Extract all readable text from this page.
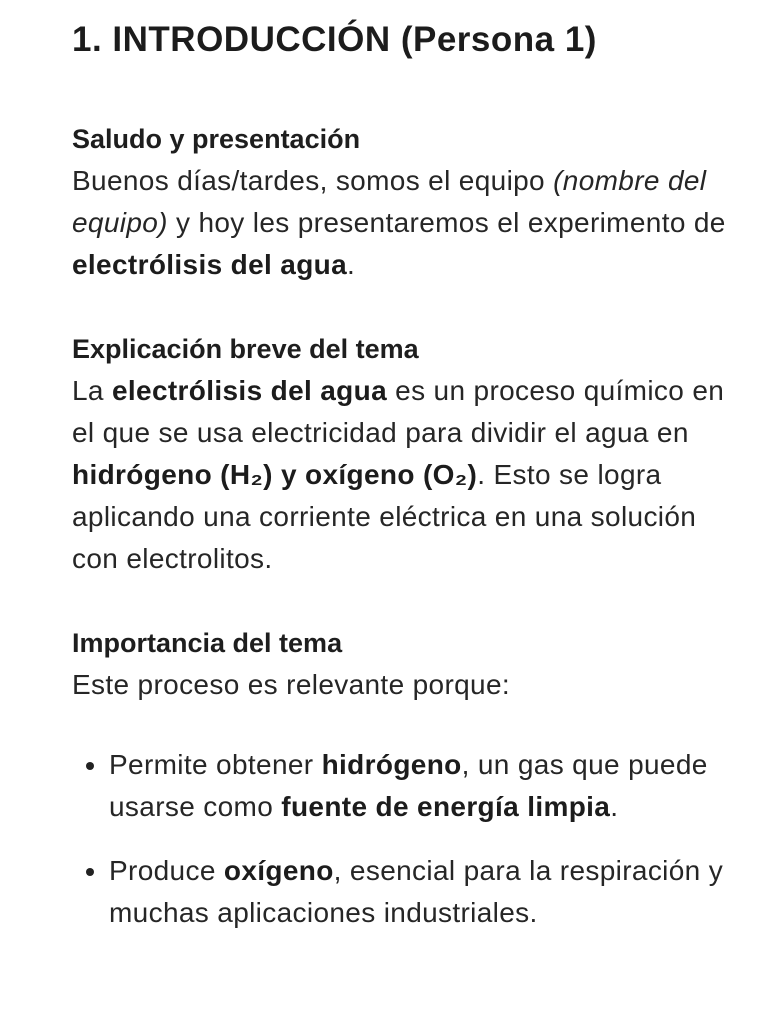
1. INTRODUCCIÓN (Persona 1)
Saludo y presentación

Buenos días/tardes, somos el equipo (nombre del equipo) y hoy les presentaremos el experimento de electrólisis del agua.

Explicación breve del tema

La electrólisis del agua es un proceso químico en el que se usa electricidad para dividir el agua en hidrógeno (H₂) y oxígeno (O₂). Esto se logra aplicando una corriente eléctrica en una solución con electrolitos.

Importancia del tema

Este proceso es relevante porque:

Permite obtener hidrógeno, un gas que puede usarse como fuente de energía limpia.

Produce oxígeno, esencial para la respiración y muchas aplicaciones industriales.
